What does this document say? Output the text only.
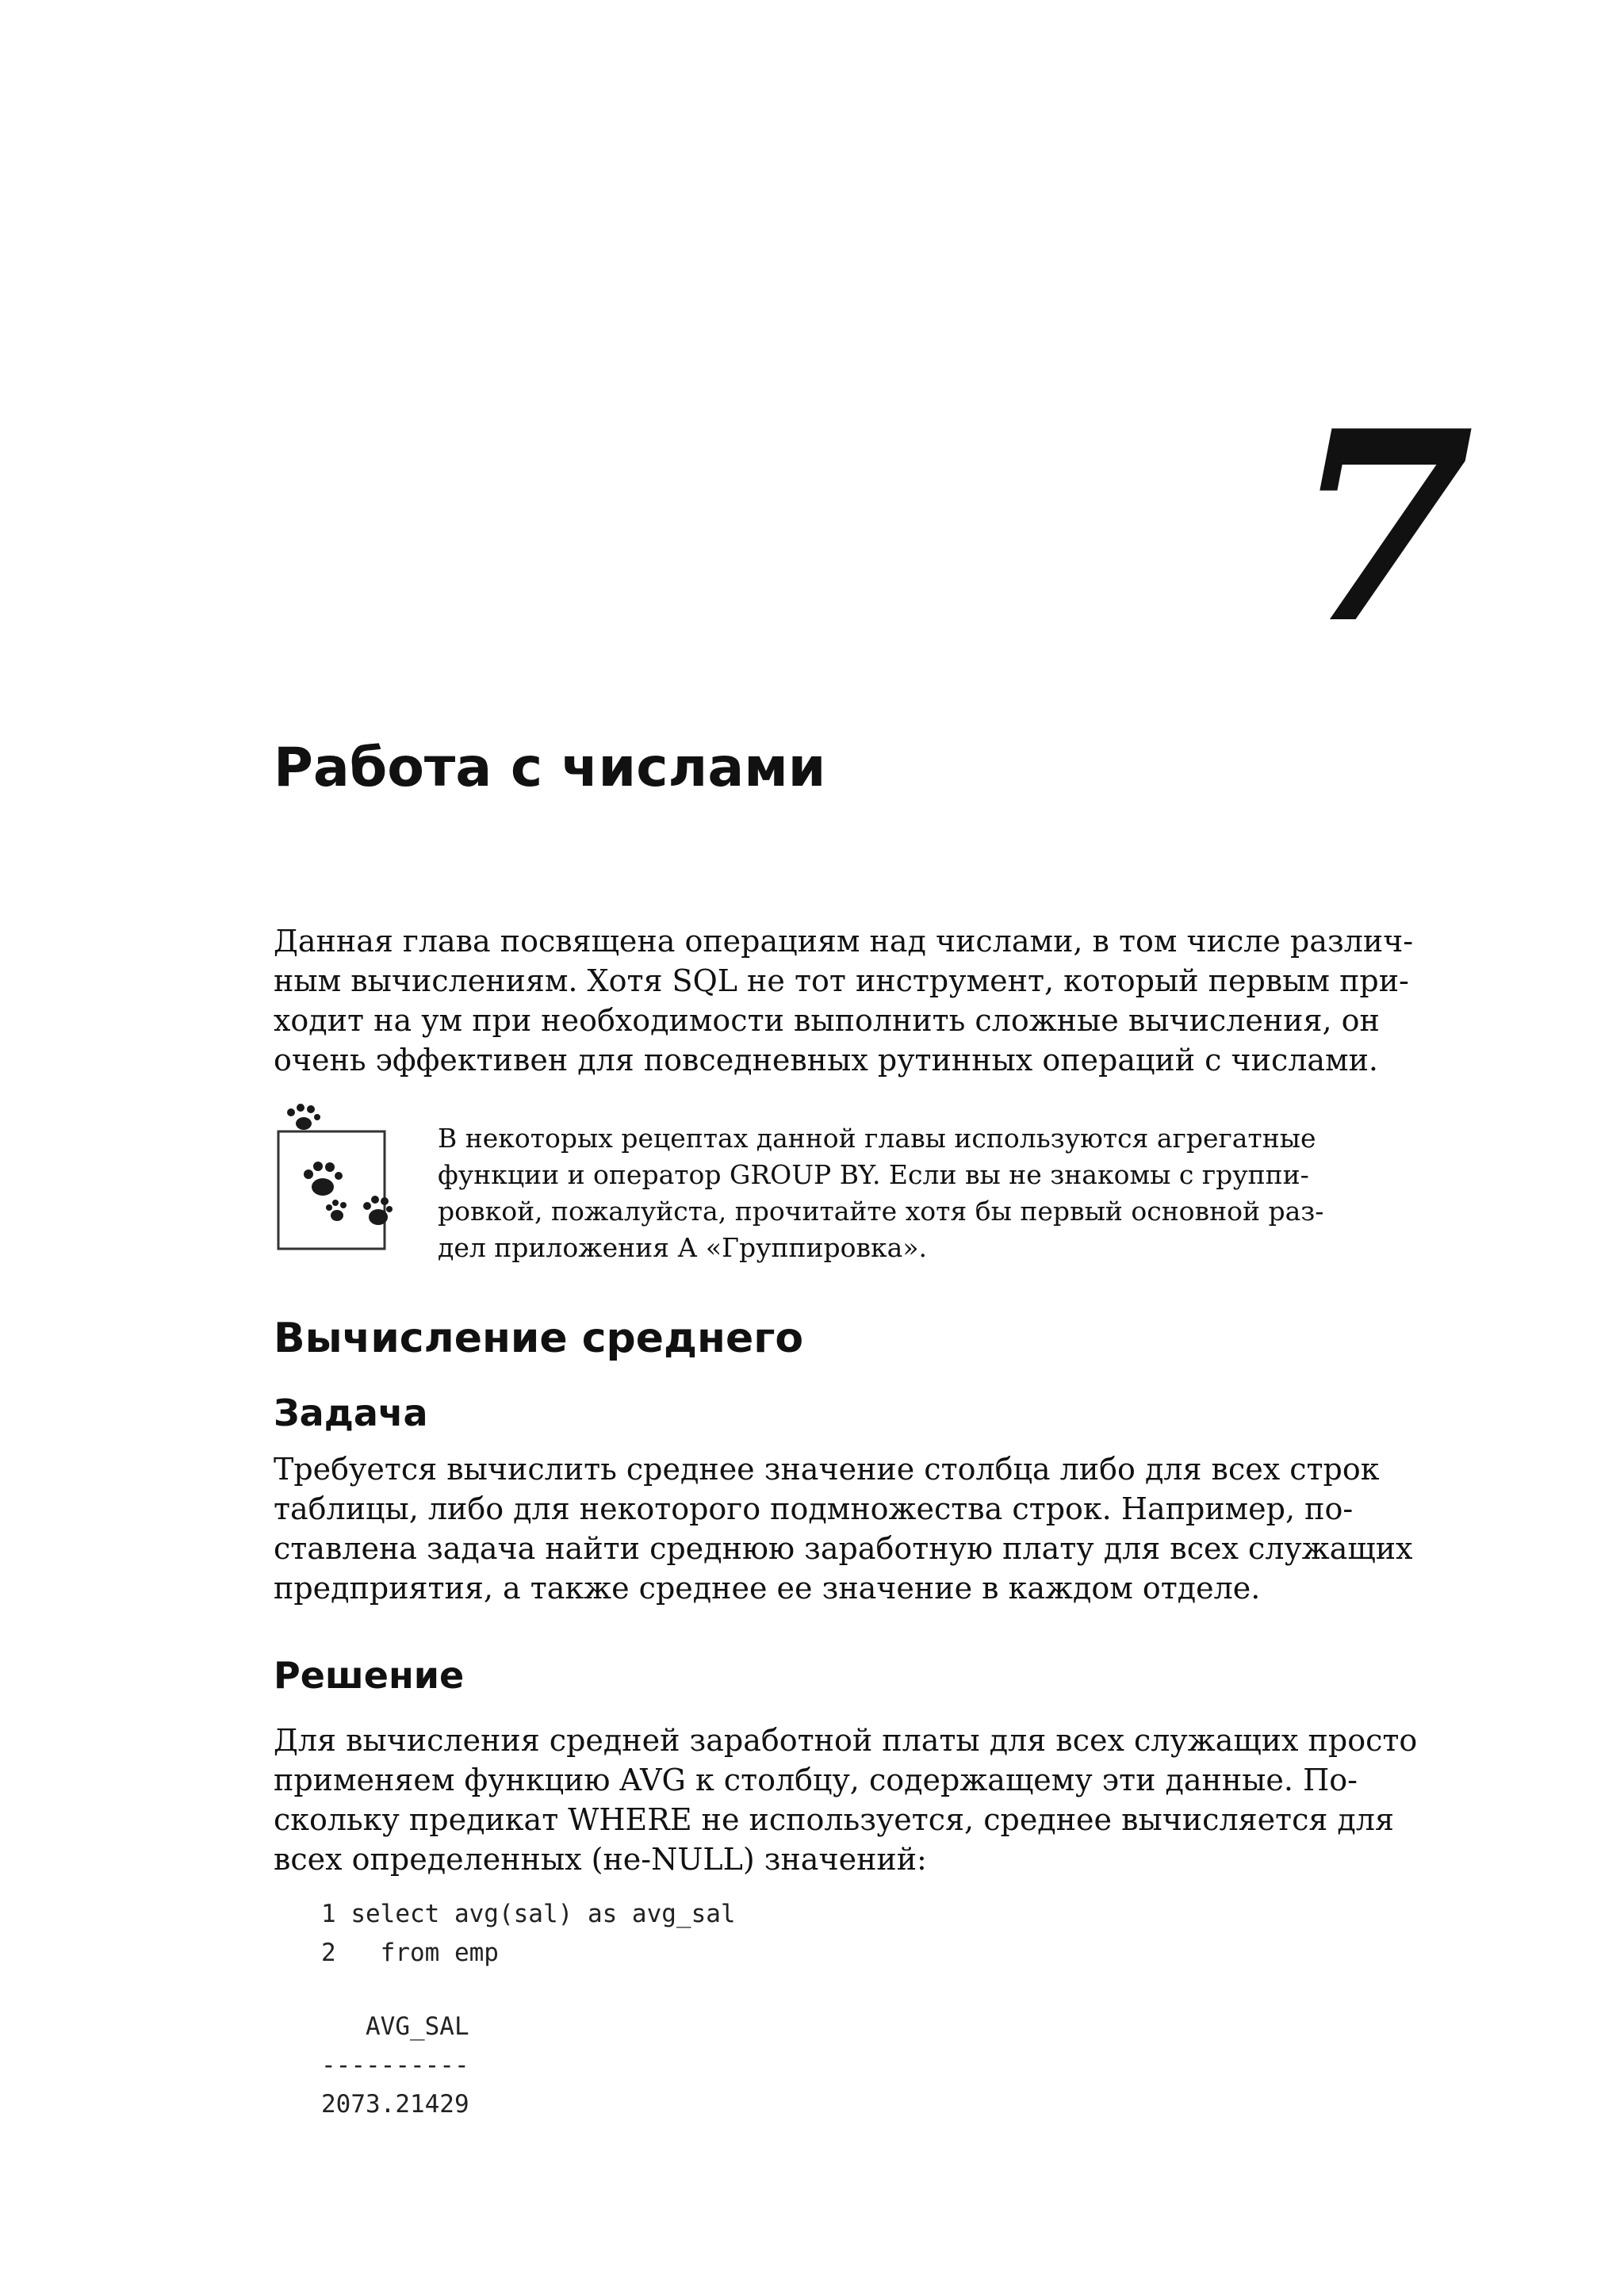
7
Работа с числами

Данная глава посвящена операциям над числами, в том числе различ-
ным вычислениям. Хотя SQL не тот инструмент, который первым при-
ходит на ум при необходимости выполнить сложные вычисления, он
очень эффективен для повседневных рутинных операций с числами.

В некоторых рецептах данной главы используются агрегатные
функции и оператор GROUP BY. Если вы не знакомы с группи-
ровкой, пожалуйста, прочитайте хотя бы первый основной раз-
дел приложения А «Группировка».

Вычисление среднего
Задача

Требуется вычислить среднее значение столбца либо для всех строк
таблицы, либо для некоторого подмножества строк. Например, по-
ставлена задача найти среднюю заработную плату для всех служащих
предприятия, а также среднее ее значение в каждом отделе.

Решение

Для вычисления средней заработной платы для всех служащих просто
применяем функцию AVG к столбцу, содержащему эти данные. По-
скольку предикат WHERE не используется, среднее вычисляется для
всех определенных (не-NULL) значений:

1 select avg(sal) as avg_sal
2   from emp
AVG_SAL
----------
2073.21429
